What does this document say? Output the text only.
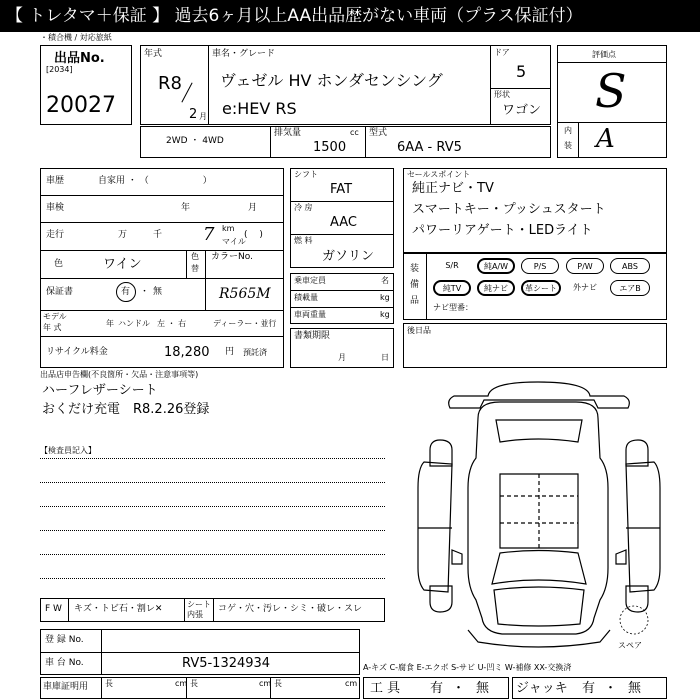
【 トレタマ＋保証 】 過去6ヶ月以上AA出品歴がない車両（プラス保証付）
・積合機 / 対応旅紙
出品No.
[2034]
20027
年式
R8
2 月
車名・グレード
ヴェゼル HV ホンダセンシング
e:HEV RS
ドア
5
形状
ワゴン
評価点
S
内
装 A
2WD ・ 4WD
排気量	cc
1500
型式
6AA - RV5
車歴	自家用 ・ （　　　　　　）
車検	年	月
走行	万	千 7 km
マイル
(　 )
色	ワイン
色
替
カラーNo.
R565M
保証書	有 ・ 無
モデル
年 式	年 ハンドル 左 ・ 右	ディーラー・並行
リサイクル料金	18,280 円 預託済
シフト
FAT
冷 房
AAC
燃 料
ガソリン
乗車定員	名
積載量	kg
車両重量	kg
書類期限
月	日
セールスポイント
純正ナビ・TV
スマートキー・プッシュスタート
パワーリアゲート・LEDライト
装
備
品
S/R	純A/W	P/S	P/W	ABS
純TV	純ナビ	革シート	外ナビ	エアB
ナビ型番：
後日品
出品店申告欄(不良箇所・欠品・注意事項等)
ハーフレザーシート
おくだけ充電　R8.2.26登録
【検査員記入】
スペア
F W キズ・トビ石・割レ✕	シート
内張
コゲ・穴・汚レ・シミ・破レ・スレ
登 録 No.
車 台 No.	RV5-1324934	A-キズ C-腐食 E-エクボ S-サビ U-凹ミ W-補修 XX-交換済
車庫証明用 長	cm 長	cm 長	cm 工 具 有 ・ 無 ジャッキ 有 ・ 無
